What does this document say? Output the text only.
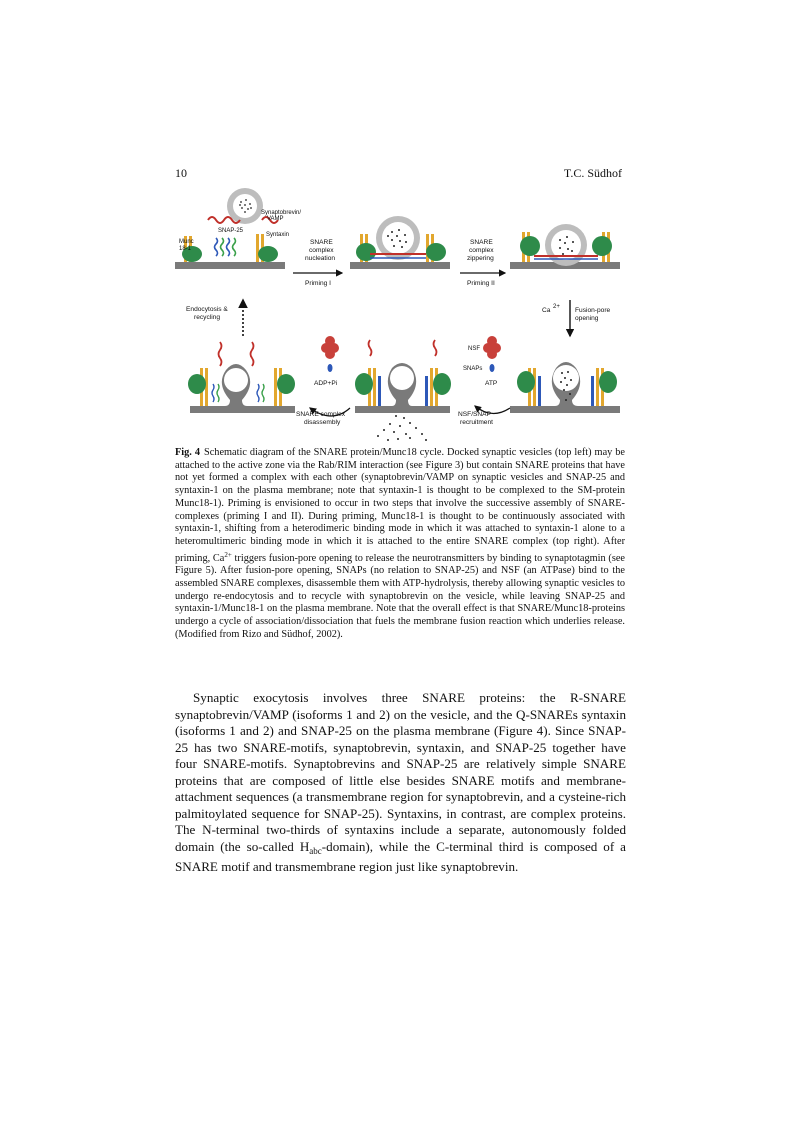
10	T.C. Südhof
Synaptobrevin/
VAMP
Syntaxin
SNAP-25
Munc
18-1
SNARE
complex
nucleation
Priming I
SNARE
complex
zippering
Priming II
Ca 2+ Fusion-pore
opening
Endocytosis &
recycling
NSF
SNAPs
ATP
NSF/SNAP
recruitment
ADP+Pi
SNARE complex
disassembly
Fig. 4 Schematic diagram of the SNARE protein/Munc18 cycle. Docked synaptic vesicles (top left) may be attached to the active zone via the Rab/RIM interaction (see Figure 3) but contain SNARE proteins that have not yet formed a complex with each other (synaptobrevin/VAMP on synaptic vesicles and SNAP-25 and syntaxin-1 on the plasma membrane; note that syntaxin-1 is thought to be complexed to the SM-protein Munc18-1). Priming is envisioned to occur in two steps that involve the successive assembly of SNARE-complexes (priming I and II). During priming, Munc18-1 is thought to be continuously associated with syntaxin-1, shifting from a heterodimeric binding mode in which it was attached to syntaxin-1 alone to a heteromultimeric binding mode in which it is attached to the entire SNARE complex (top right). After priming, $Ca^{2+}$ triggers fusion-pore opening to release the neurotransmitters by binding to synaptotagmin (see Figure 5). After fusion-pore opening, SNAPs (no relation to SNAP-25) and NSF (an ATPase) bind to the assembled SNARE complexes, disassemble them with ATP-hydrolysis, thereby allowing synaptic vesicles to undergo re-endocytosis and to recycle with synaptobrevin on the vesicle, while leaving SNAP-25 and syntaxin-1/Munc18-1 on the plasma membrane. Note that the overall effect is that SNARE/Munc18-proteins undergo a cycle of association/dissociation that fuels the membrane fusion reaction which underlies release. (Modified from Rizo and Südhof, 2002).

Synaptic exocytosis involves three SNARE proteins: the R-SNARE synaptobrevin/VAMP (isoforms 1 and 2) on the vesicle, and the Q-SNAREs syntaxin (isoforms 1 and 2) and SNAP-25 on the plasma membrane (Figure 4). Since SNAP-25 has two SNARE-motifs, synaptobrevin, syntaxin, and SNAP-25 together have four SNARE-motifs. Synaptobrevins and SNAP-25 are relatively simple SNARE proteins that are composed of little else besides SNARE motifs and membrane-attachment sequences (a transmembrane region for synaptobrevin, and a cysteine-rich palmitoylated sequence for SNAP-25). Syntaxins, in contrast, are complex proteins. The N-terminal two-thirds of syntaxins include a separate, autonomously folded domain (the so-called $H_{abc}-domain$), while the C-terminal third is composed of a SNARE motif and transmembrane region just like synaptobrevin.
